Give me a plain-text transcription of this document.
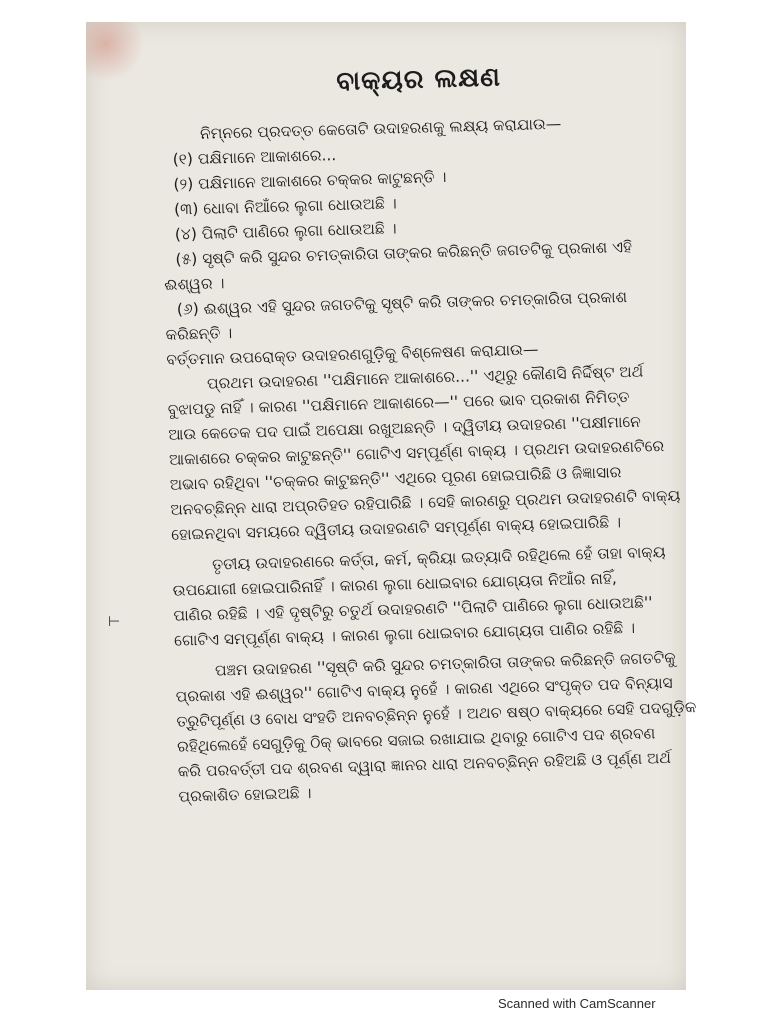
⊢
ବାକ୍ୟର ଲକ୍ଷଣ

ନିମ୍ନରେ ପ୍ରଦତ୍ତ କେତୋଟି ଉଦାହରଣକୁ ଲକ୍ଷ୍ୟ କରାଯାଉ—

(୧) ପକ୍ଷିମାନେ ଆକାଶରେ...

(୨) ପକ୍ଷିମାନେ ଆକାଶରେ ଚକ୍କର କାଟୁଛନ୍ତି ।

(୩) ଧୋବା ନିଆଁରେ ଲୁଗା ଧୋଉଅଛି ।

(୪) ପିଲାଟି ପାଣିରେ ଲୁଗା ଧୋଉଅଛି ।

(୫) ସୃଷ୍ଟି କରି ସୁନ୍ଦର ଚମତ୍କାରିତା ତାଙ୍କର କରିଛନ୍ତି ଜଗତଟିକୁ ପ୍ରକାଶ ଏହି

ଈଶ୍ୱର ।

(୬) ଈଶ୍ୱର ଏହି ସୁନ୍ଦର ଜଗତଟିକୁ ସୃଷ୍ଟି କରି ତାଙ୍କର ଚମତ୍କାରିତା ପ୍ରକାଶ

କରିଛନ୍ତି ।

ବର୍ତ୍ତମାନ ଉପରୋକ୍ତ ଉଦାହରଣଗୁଡ଼ିକୁ ବିଶ୍ଳେଷଣ କରାଯାଉ—

ପ୍ରଥମ ଉଦାହରଣ ''ପକ୍ଷିମାନେ ଆକାଶରେ...'' ଏଥିରୁ କୌଣସି ନିର୍ଦ୍ଦିଷ୍ଟ ଅର୍ଥ

ବୁଝାପଡୁ ନାହିଁ । କାରଣ ''ପକ୍ଷିମାନେ ଆକାଶରେ—'' ପରେ ଭାବ ପ୍ରକାଶ ନିମିତ୍ତ

ଆଉ କେତେକ ପଦ ପାଇଁ ଅପେକ୍ଷା ରଖୁଅଛନ୍ତି । ଦ୍ୱିତୀୟ ଉଦାହରଣ ''ପକ୍ଷୀମାନେ

ଆକାଶରେ ଚକ୍କର କାଟୁଛନ୍ତି'' ଗୋଟିଏ ସମ୍ପୂର୍ଣ୍ଣ ବାକ୍ୟ । ପ୍ରଥମ ଉଦାହରଣଟିରେ

ଅଭାବ ରହିଥିବା ''ଚକ୍କର କାଟୁଛନ୍ତି'' ଏଥିରେ ପୂରଣ ହୋଇପାରିଛି ଓ ଜିଜ୍ଞାସାର

ଅନବଚ୍ଛିନ୍ନ ଧାରା ଅପ୍ରତିହତ ରହିପାରିଛି । ସେହି କାରଣରୁ ପ୍ରଥମ ଉଦାହରଣଟି ବାକ୍ୟ

ହୋଇନଥିବା ସମୟରେ ଦ୍ୱିତୀୟ ଉଦାହରଣଟି ସମ୍ପୂର୍ଣ୍ଣ ବାକ୍ୟ ହୋଇପାରିଛି ।

ତୃତୀୟ ଉଦାହରଣରେ କର୍ତ୍ତା, କର୍ମ, କ୍ରିୟା ଇତ୍ୟାଦି ରହିଥିଲେ ହେଁ ତାହା ବାକ୍ୟ

ଉପଯୋଗୀ ହୋଇପାରିନାହିଁ । କାରଣ ଲୁଗା ଧୋଇବାର ଯୋଗ୍ୟତା ନିଆଁର ନାହିଁ,

ପାଣିର ରହିଛି । ଏହି ଦୃଷ୍ଟିରୁ ଚତୁର୍ଥ ଉଦାହରଣଟି ''ପିଲାଟି ପାଣିରେ ଲୁଗା ଧୋଉଅଛି''

ଗୋଟିଏ ସମ୍ପୂର୍ଣ୍ଣ ବାକ୍ୟ । କାରଣ ଲୁଗା ଧୋଇବାର ଯୋଗ୍ୟତା ପାଣିର ରହିଛି ।

ପଞ୍ଚମ ଉଦାହରଣ ''ସୃଷ୍ଟି କରି ସୁନ୍ଦର ଚମତ୍କାରିତା ତାଙ୍କର କରିଛନ୍ତି ଜଗତଟିକୁ

ପ୍ରକାଶ ଏହି ଈଶ୍ୱର'' ଗୋଟିଏ ବାକ୍ୟ ନୁହେଁ । କାରଣ ଏଥିରେ ସଂପୃକ୍ତ ପଦ ବିନ୍ୟାସ

ତ୍ରୁଟିପୂର୍ଣ୍ଣ ଓ ବୋଧ ସଂହତି ଅନବଚ୍ଛିନ୍ନ ନୁହେଁ । ଅଥଚ ଷଷ୍ଠ ବାକ୍ୟରେ ସେହି ପଦଗୁଡ଼ିକ

ରହିଥିଲେହେଁ ସେଗୁଡ଼ିକୁ ଠିକ୍ ଭାବରେ ସଜାଇ ରଖାଯାଇ ଥିବାରୁ ଗୋଟିଏ ପଦ ଶ୍ରବଣ

କରି ପରବର୍ତ୍ତୀ ପଦ ଶ୍ରବଣ ଦ୍ୱାରା ଜ୍ଞାନର ଧାରା ଅନବଚ୍ଛିନ୍ନ ରହିଅଛି ଓ ପୂର୍ଣ୍ଣ ଅର୍ଥ

ପ୍ରକାଶିତ ହୋଇଅଛି ।

Scanned with CamScanner
